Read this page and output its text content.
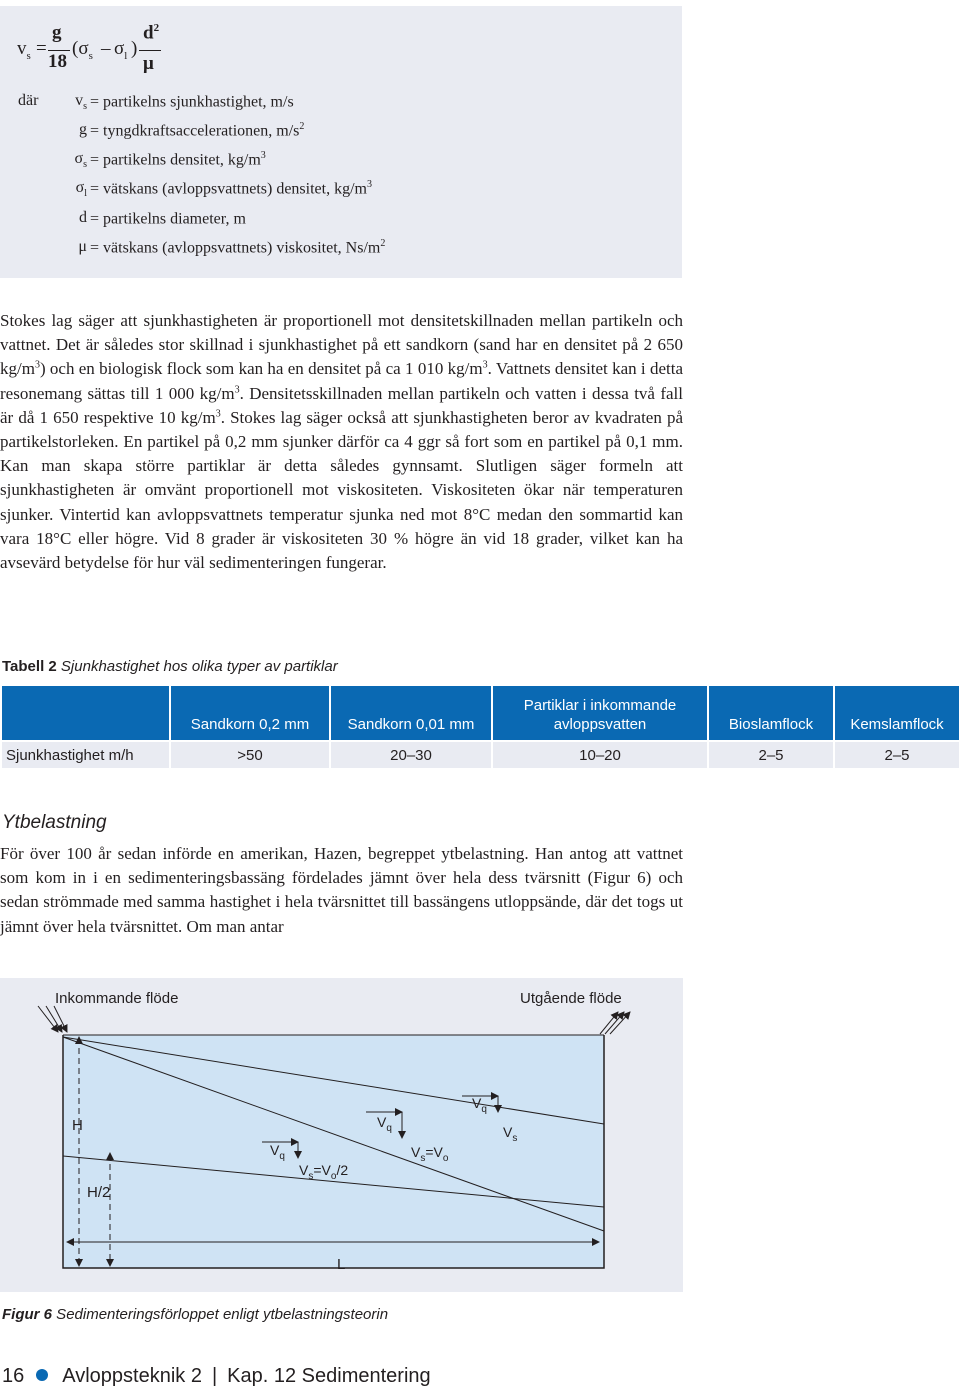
$v_s$ =
g
18
($\sigma_s - \sigma_l$ )
$d^2$
μ
där $v_s$ = partikelns sjunkhastighet, m/s
g = tyngdkraftsaccelerationen, $m/s^2$
$\sigma_s$ = partikelns densitet, $kg/m^3$
$\sigma_l$ = vätskans (avloppsvattnets) densitet, $kg/m^3$
d = partikelns diameter, m
μ = vätskans (avloppsvattnets) viskositet, $Ns/m^2$
Stokes lag säger att sjunkhastigheten är proportionell mot densitetskillnaden mellan partikeln och vattnet. Det är således stor skillnad i sjunkhastighet på ett sandkorn (sand har en densitet på 2 650 $kg/m^3$) och en biologisk flock som kan ha en densitet på ca 1 010 $kg/m^3$. Vattnets densitet kan i detta resonemang sättas till 1 000 $kg/m^3$. Densitetsskillnaden mellan partikeln och vatten i dessa två fall är då 1 650 respektive 10 $kg/m^3$. Stokes lag säger också att sjunkhastigheten beror av kvadraten på partikelstorleken. En partikel på 0,2 mm sjunker därför ca 4 ggr så fort som en partikel på 0,1 mm. Kan man skapa större partiklar är detta således gynnsamt. Slutligen säger formeln att sjunkhastigheten är omvänt proportionell mot viskositeten. Viskositeten ökar när temperaturen sjunker. Vintertid kan avloppsvattnets temperatur sjunka ned mot 8°C medan den sommartid kan vara 18°C eller högre. Vid 8 grader är viskositeten 30 % högre än vid 18 grader, vilket kan ha avsevärd betydelse för hur väl sedimenteringen fungerar.
Tabell 2 Sjunkhastighet hos olika typer av partiklar
	Sandkorn 0,2 mm	Sandkorn 0,01 mm	Partiklar i inkommande avloppsvatten	Bioslamflock	Kemslamflock
Sjunkhastighet m/h	>50	20–30	10–20	2–5	2–5
Ytbelastning
För över 100 år sedan införde en amerikan, Hazen, begreppet ytbelastning. Han antog att vattnet som kom in i en sedimenteringsbassäng fördelades jämnt över hela dess tvärsnitt (Figur 6) och sedan strömmade med samma hastighet i hela tvärsnittet till bassängens utloppsände, där det togs ut jämnt över hela tvärsnittet. Om man antar
Inkommande flöde	Utgående flöde
H
H/2
L
$V_q$
$V_s=V_o/2$
$V_q$
$V_s=V_o$
$V_q$
$V_s$
Figur 6 Sedimenteringsförloppet enligt ytbelastningsteorin
16 Avloppsteknik 2 | Kap. 12 Sedimentering
